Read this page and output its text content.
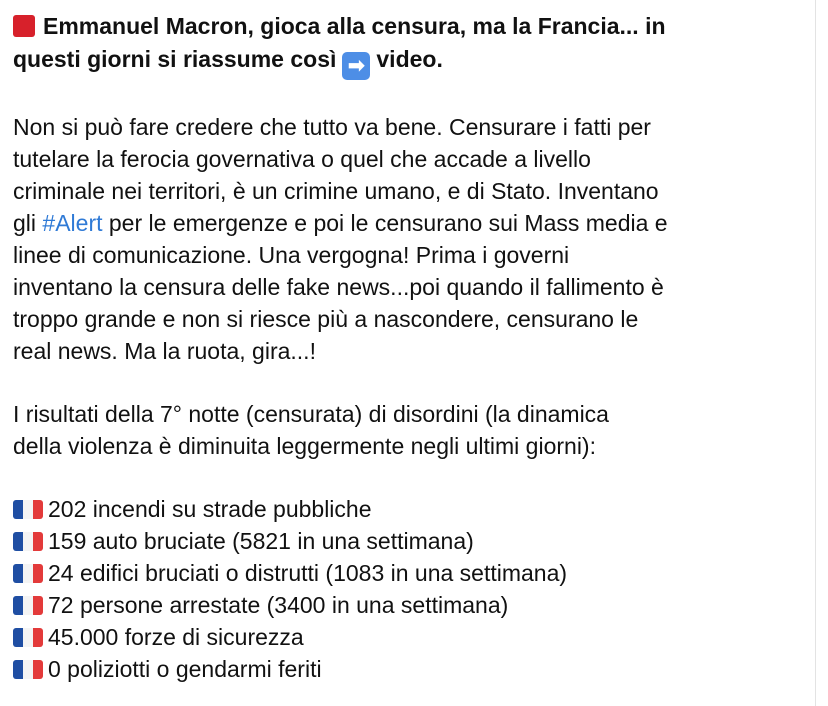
Emmanuel Macron, gioca alla censura, ma la Francia... in
questi giorni si riassume così ➡ video.

Non si può fare credere che tutto va bene. Censurare i fatti per
tutelare la ferocia governativa o quel che accade a livello
criminale nei territori, è un crimine umano, e di Stato. Inventano
gli #Alert per le emergenze e poi le censurano sui Mass media e
linee di comunicazione. Una vergogna! Prima i governi
inventano la censura delle fake news...poi quando il fallimento è
troppo grande e non si riesce più a nascondere, censurano le
real news. Ma la ruota, gira...!

I risultati della 7° notte (censurata) di disordini (la dinamica
della violenza è diminuita leggermente negli ultimi giorni):

202 incendi su strade pubbliche
159 auto bruciate (5821 in una settimana)
24 edifici bruciati o distrutti (1083 in una settimana)
72 persone arrestate (3400 in una settimana)
45.000 forze di sicurezza
0 poliziotti o gendarmi feriti
